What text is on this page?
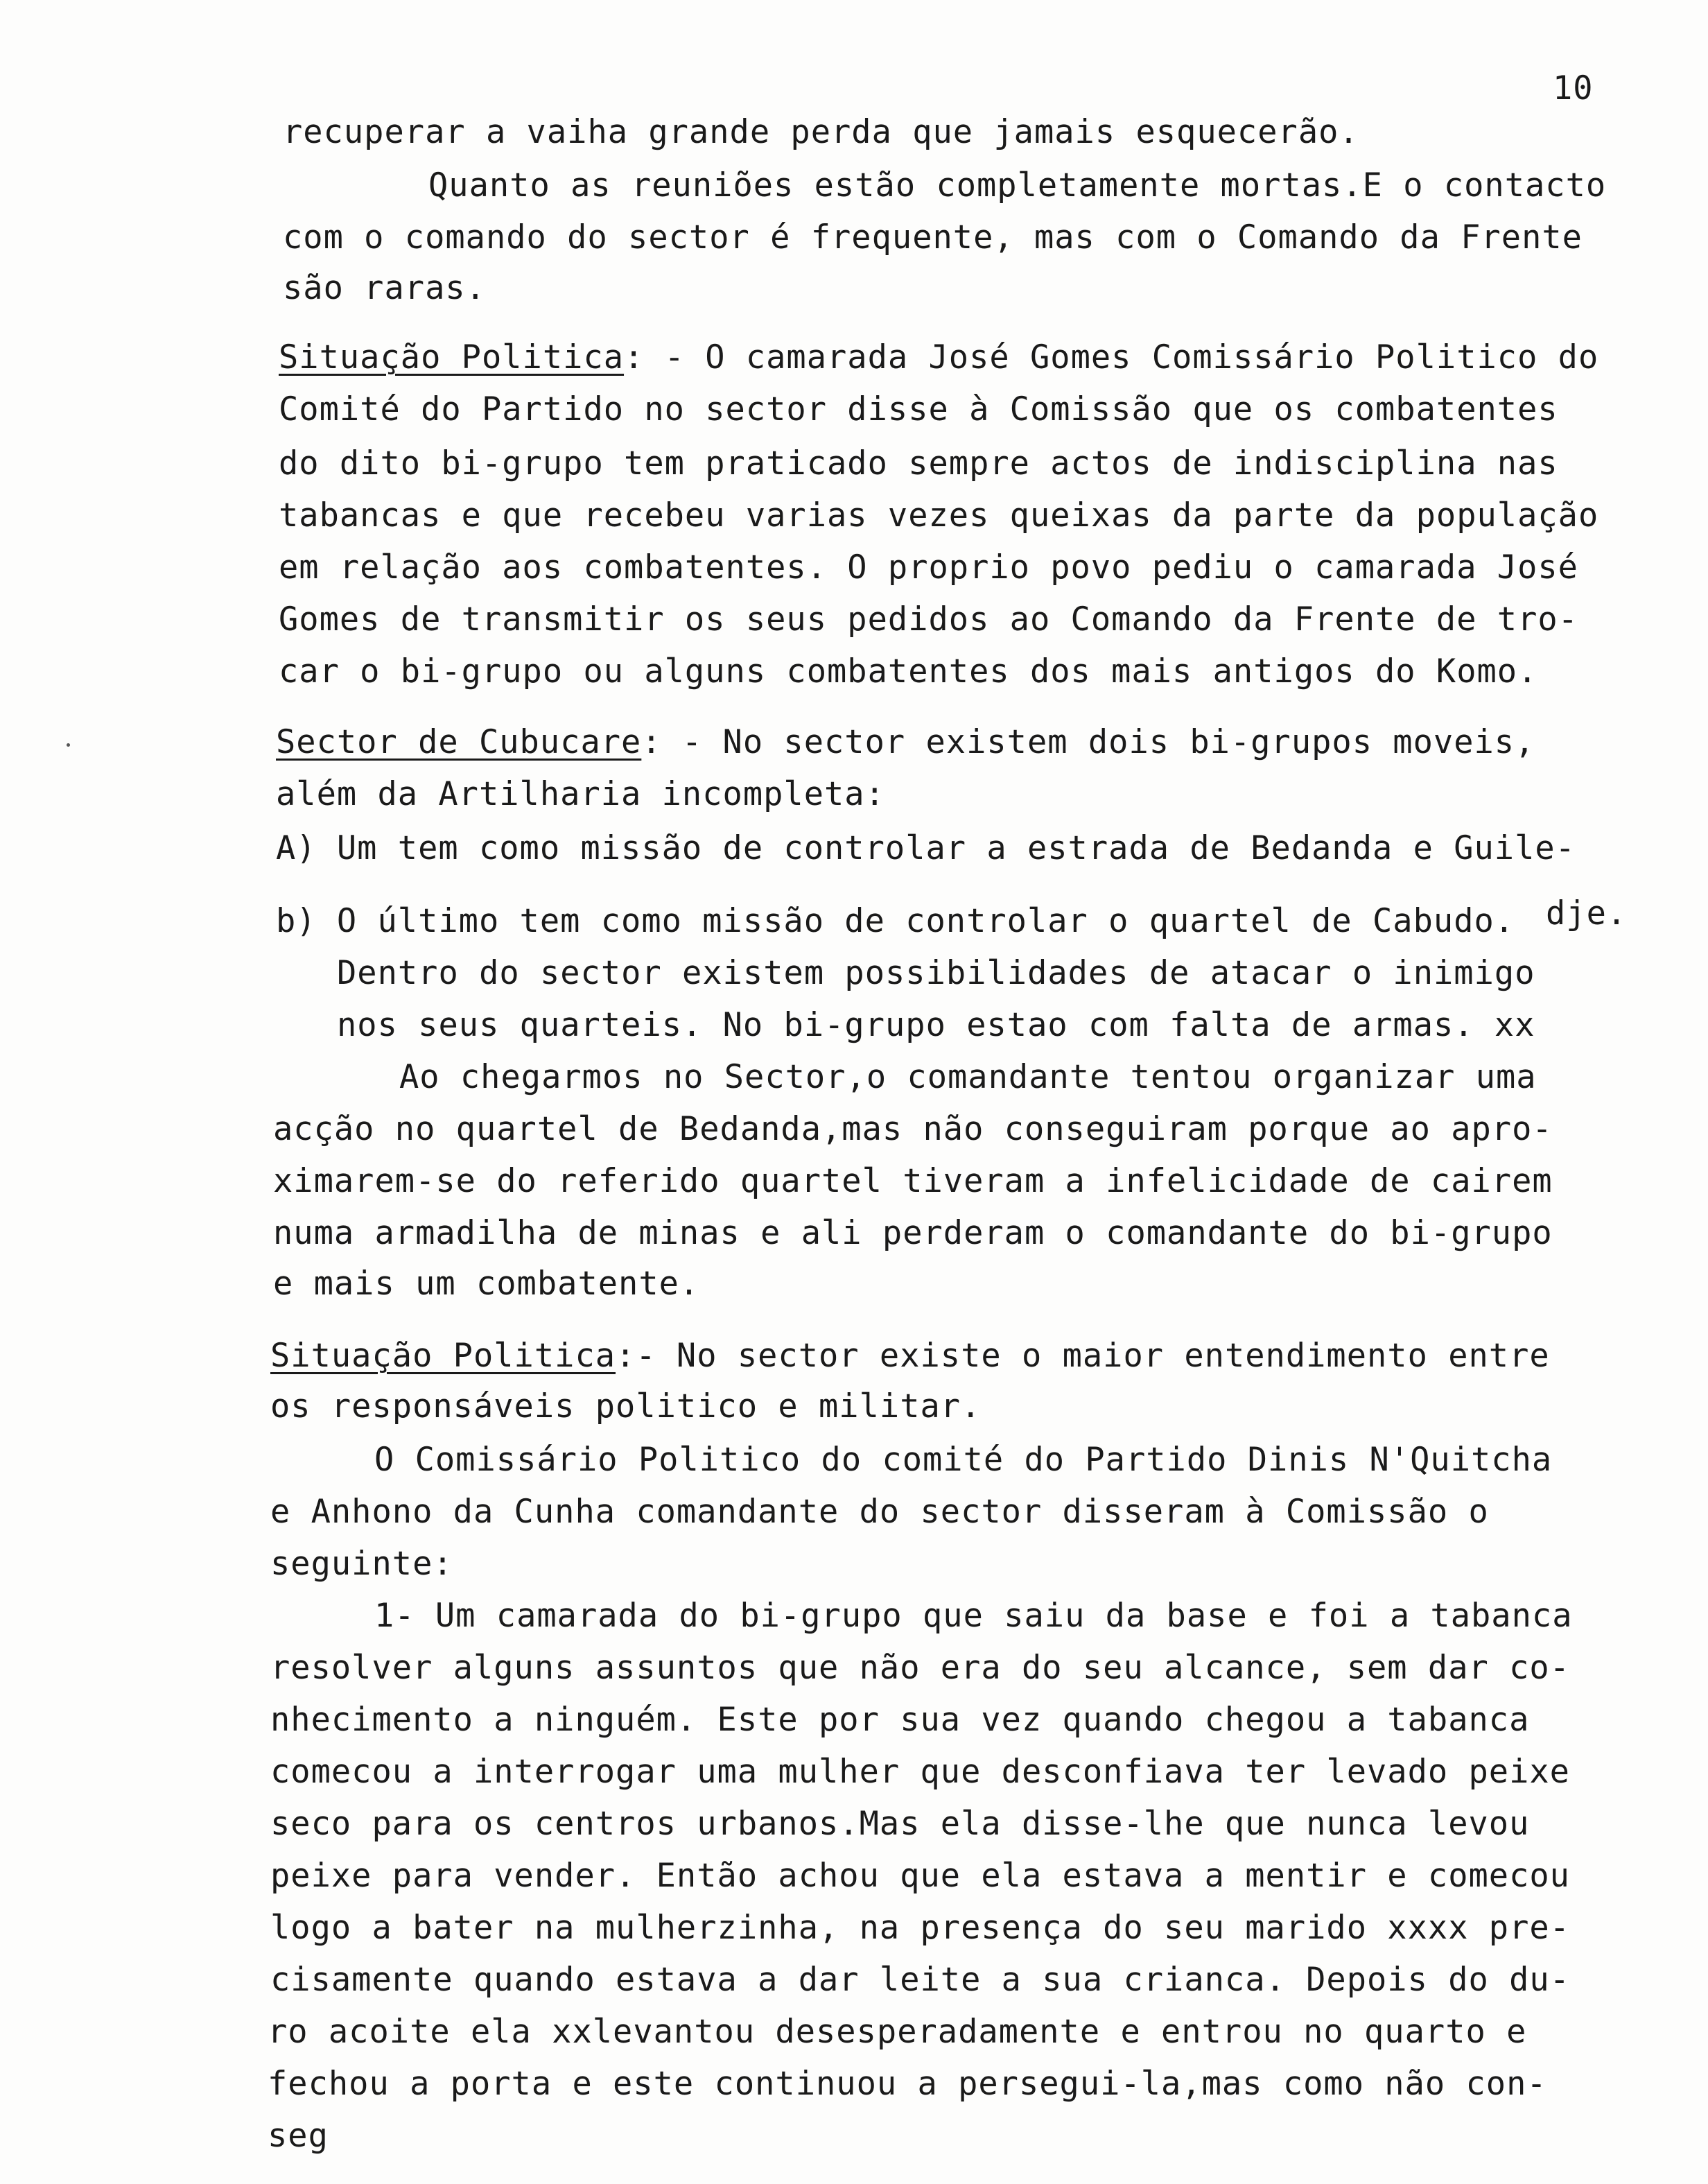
10
recuperar a vaiha grande perda que jamais esquecerão.
Quanto as reuniões estão completamente mortas.E o contacto
com o comando do sector é frequente, mas com o Comando da Frente
são raras.
Situação Politica: - O camarada José Gomes Comissário Politico do
Comité do Partido no sector disse à Comissão que os combatentes
do dito bi-grupo tem praticado sempre actos de indisciplina nas
tabancas e que recebeu varias vezes queixas da parte da população
em relação aos combatentes. O proprio povo pediu o camarada José
Gomes de transmitir os seus pedidos ao Comando da Frente de tro-
car o bi-grupo ou alguns combatentes dos mais antigos do Komo.
Sector de Cubucare: - No sector existem dois bi-grupos moveis,
além da Artilharia incompleta:
A) Um tem como missão de controlar a estrada de Bedanda e Guile-
b) O último tem como missão de controlar o quartel de Cabudo.
Dentro do sector existem possibilidades de atacar o inimigo
nos seus quarteis. No bi-grupo estao com falta de armas. xx
Ao chegarmos no Sector,o comandante tentou organizar uma
acção no quartel de Bedanda,mas não conseguiram porque ao apro-
ximarem-se do referido quartel tiveram a infelicidade de cairem
numa armadilha de minas e ali perderam o comandante do bi-grupo
e mais um combatente.
Situação Politica:- No sector existe o maior entendimento entre
os responsáveis politico e militar.
O Comissário Politico do comité do Partido Dinis N'Quitcha
e Anhono da Cunha comandante do sector disseram à Comissão o
seguinte:
1- Um camarada do bi-grupo que saiu da base e foi a tabanca
resolver alguns assuntos que não era do seu alcance, sem dar co-
nhecimento a ninguém. Este por sua vez quando chegou a tabanca
comecou a interrogar uma mulher que desconfiava ter levado peixe
seco para os centros urbanos.Mas ela disse-lhe que nunca levou
peixe para vender. Então achou que ela estava a mentir e comecou
logo a bater na mulherzinha, na presença do seu marido xxxx pre-
cisamente quando estava a dar leite a sua crianca. Depois do du-
ro acoite ela xxlevantou desesperadamente e entrou no quarto e
fechou a porta e este continuou a persegui-la,mas como não con-
seg
dje.
